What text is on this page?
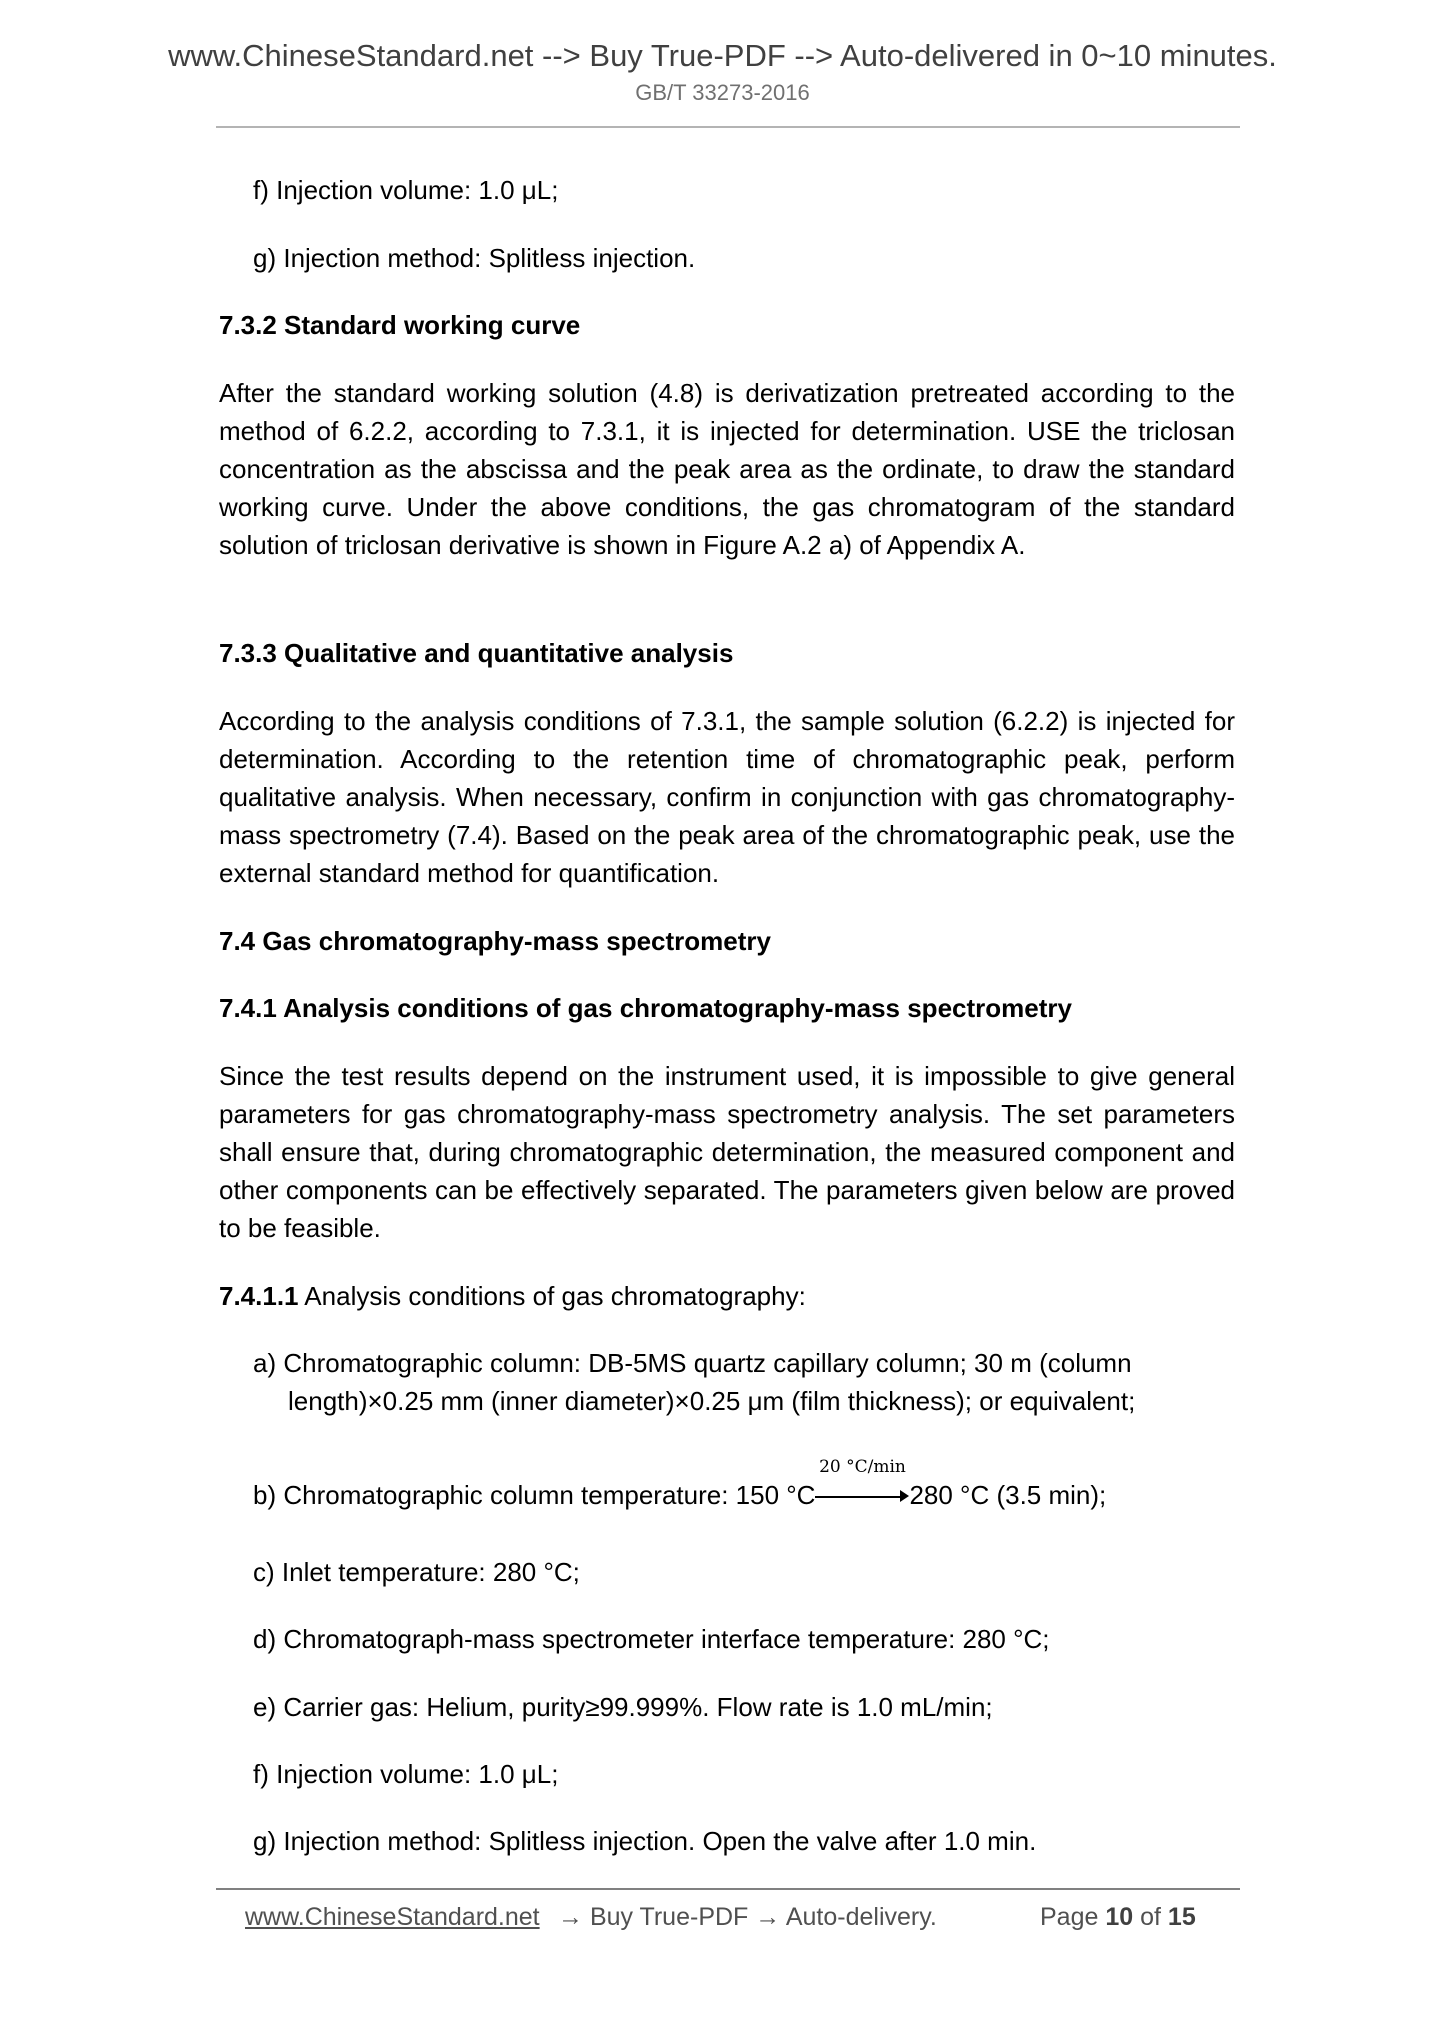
www.ChineseStandard.net --> Buy True-PDF --> Auto-delivered in 0~10 minutes.
GB/T 33273-2016
f) Injection volume: 1.0 μL;
g) Injection method: Splitless injection.
7.3.2 Standard working curve
After the standard working solution (4.8) is derivatization pretreated according to the method of 6.2.2, according to 7.3.1, it is injected for determination. USE the triclosan concentration as the abscissa and the peak area as the ordinate, to draw the standard working curve. Under the above conditions, the gas chromatogram of the standard solution of triclosan derivative is shown in Figure A.2 a) of Appendix A.
7.3.3 Qualitative and quantitative analysis
According to the analysis conditions of 7.3.1, the sample solution (6.2.2) is injected for determination. According to the retention time of chromatographic peak, perform qualitative analysis. When necessary, confirm in conjunction with gas chromatography-mass spectrometry (7.4). Based on the peak area of the chromatographic peak, use the external standard method for quantification.
7.4 Gas chromatography-mass spectrometry
7.4.1 Analysis conditions of gas chromatography-mass spectrometry
Since the test results depend on the instrument used, it is impossible to give general parameters for gas chromatography-mass spectrometry analysis. The set parameters shall ensure that, during chromatographic determination, the measured component and other components can be effectively separated. The parameters given below are proved to be feasible.
7.4.1.1 Analysis conditions of gas chromatography:
a) Chromatographic column: DB-5MS quartz capillary column; 30 m (column
length)×0.25 mm (inner diameter)×0.25 μm (film thickness); or equivalent;
b) Chromatographic column temperature: 150 °C
20 °C/min
280 °C (3.5 min);
c) Inlet temperature: 280 °C;
d) Chromatograph-mass spectrometer interface temperature: 280 °C;
e) Carrier gas: Helium, purity≥99.999%. Flow rate is 1.0 mL/min;
f) Injection volume: 1.0 μL;
g) Injection method: Splitless injection. Open the valve after 1.0 min.
www.ChineseStandard.net → Buy True-PDF → Auto-delivery.	Page 10 of 15
